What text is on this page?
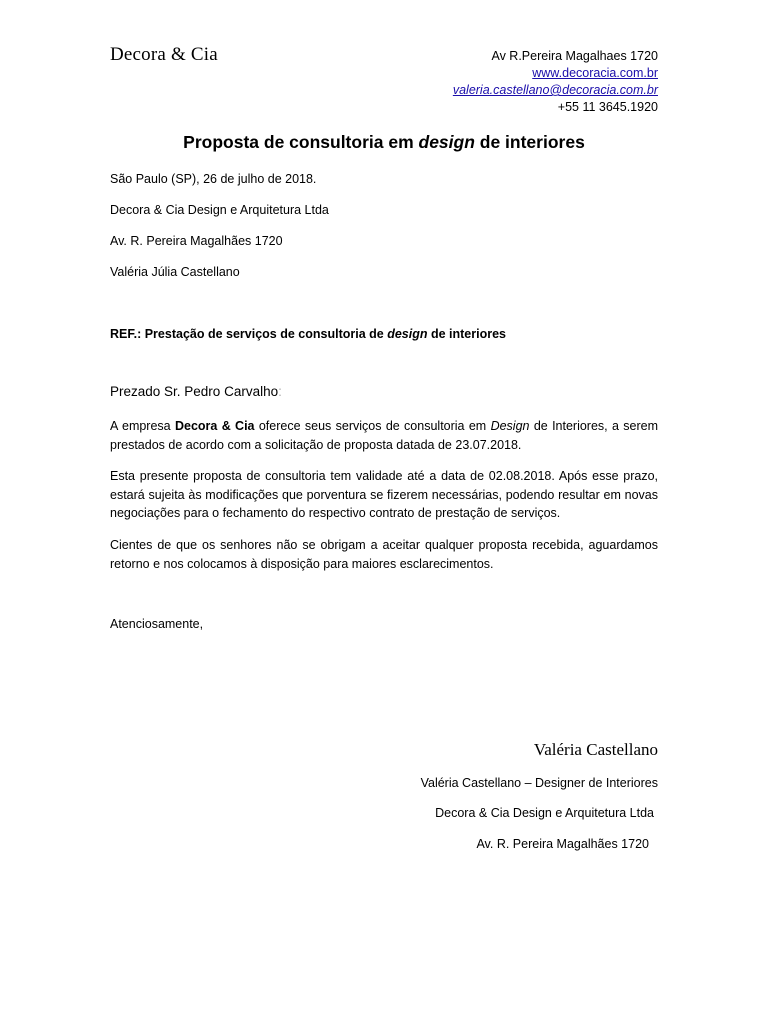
Decora & Cia	Av R.Pereira Magalhaes 1720
www.decoracia.com.br
valeria.castellano@decoracia.com.br
+55 11 3645.1920
Proposta de consultoria em design de interiores
São Paulo (SP), 26 de julho de 2018.
Decora & Cia Design e Arquitetura Ltda
Av. R. Pereira Magalhães 1720
Valéria Júlia Castellano
REF.: Prestação de serviços de consultoria de design de interiores
Prezado Sr. Pedro Carvalho:
A empresa Decora & Cia oferece seus serviços de consultoria em Design de Interiores, a serem prestados de acordo com a solicitação de proposta datada de 23.07.2018.
Esta presente proposta de consultoria tem validade até a data de 02.08.2018. Após esse prazo, estará sujeita às modificações que porventura se fizerem necessárias, podendo resultar em novas negociações para o fechamento do respectivo contrato de prestação de serviços.
Cientes de que os senhores não se obrigam a aceitar qualquer proposta recebida, aguardamos retorno e nos colocamos à disposição para maiores esclarecimentos.
Atenciosamente,
Valéria Castellano
Valéria Castellano – Designer de Interiores
Decora & Cia Design e Arquitetura Ltda
Av. R. Pereira Magalhães 1720
